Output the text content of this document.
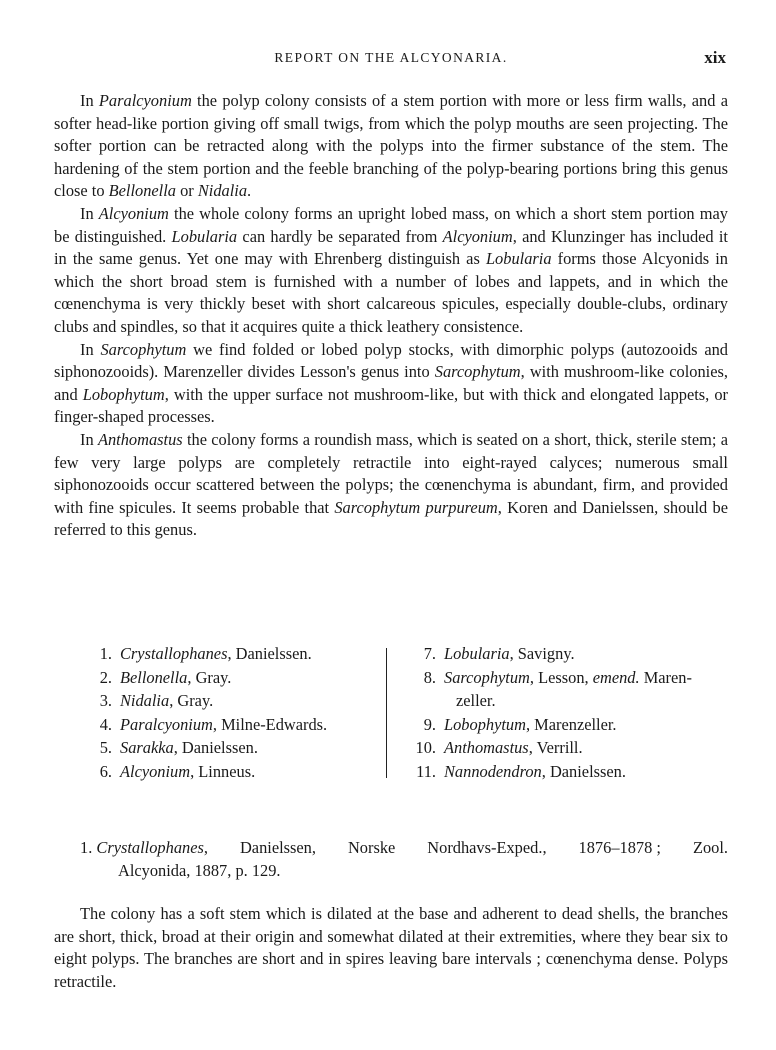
REPORT ON THE ALCYONARIA.	xix

In Paralcyonium the polyp colony consists of a stem portion with more or less firm walls, and a softer head-like portion giving off small twigs, from which the polyp mouths are seen projecting. The softer portion can be retracted along with the polyps into the firmer substance of the stem. The hardening of the stem portion and the feeble branching of the polyp-bearing portions bring this genus close to Bellonella or Nidalia.

In Alcyonium the whole colony forms an upright lobed mass, on which a short stem portion may be distinguished. Lobularia can hardly be separated from Alcyonium, and Klunzinger has included it in the same genus. Yet one may with Ehrenberg distinguish as Lobularia forms those Alcyonids in which the short broad stem is furnished with a number of lobes and lappets, and in which the cœnenchyma is very thickly beset with short calcareous spicules, especially double-clubs, ordinary clubs and spindles, so that it acquires quite a thick leathery consistence.

In Sarcophytum we find folded or lobed polyp stocks, with dimorphic polyps (autozooids and siphonozooids). Marenzeller divides Lesson's genus into Sarcophytum, with mushroom-like colonies, and Lobophytum, with the upper surface not mushroom-like, but with thick and elongated lappets, or finger-shaped processes.

In Anthomastus the colony forms a roundish mass, which is seated on a short, thick, sterile stem; a few very large polyps are completely retractile into eight-rayed calyces; numerous small siphonozooids occur scattered between the polyps; the cœnenchyma is abundant, firm, and provided with fine spicules. It seems probable that Sarcophytum purpureum, Koren and Danielssen, should be referred to this genus.

1. Crystallophanes, Danielssen.
2. Bellonella, Gray.
3. Nidalia, Gray.
4. Paralcyonium, Milne-Edwards.
5. Sarakka, Danielssen.
6. Alcyonium, Linneus.
7. Lobularia, Savigny.
8. Sarcophytum, Lesson, emend. Maren-
zeller.
9. Lobophytum, Marenzeller.
10. Anthomastus, Verrill.
11. Nannodendron, Danielssen.
1. Crystallophanes, Danielssen, Norske Nordhavs-Exped., 1876–1878 ; Zool.
Alcyonida, 1887, p. 129.

The colony has a soft stem which is dilated at the base and adherent to dead shells, the branches are short, thick, broad at their origin and somewhat dilated at their extremities, where they bear six to eight polyps. The branches are short and in spires leaving bare intervals ; cœnenchyma dense. Polyps retractile.
